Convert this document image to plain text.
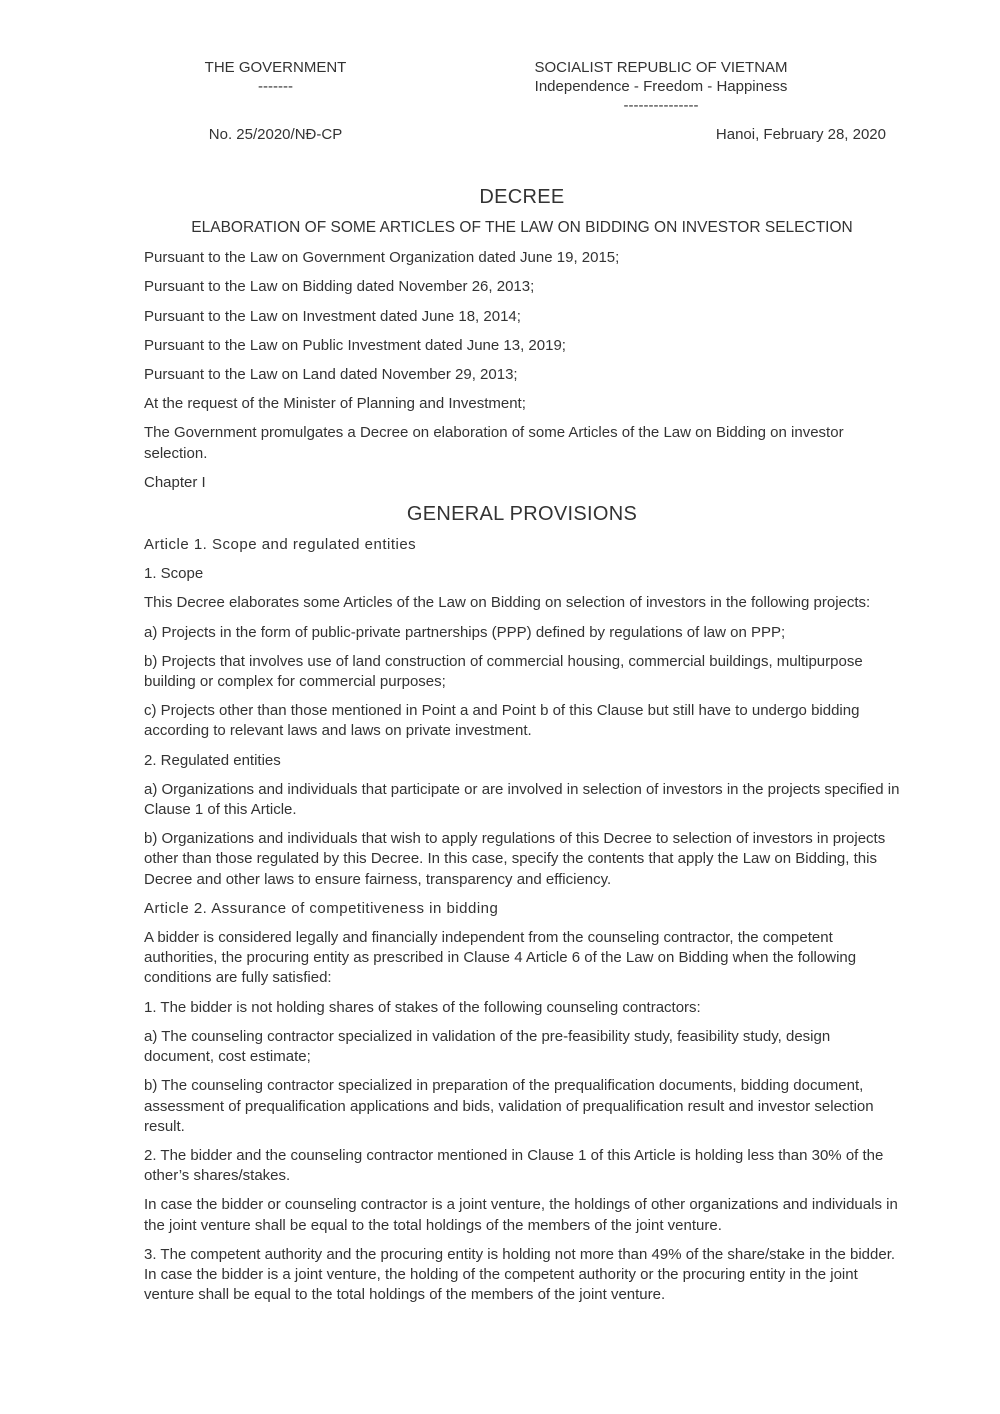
THE GOVERNMENT
-------
SOCIALIST REPUBLIC OF VIETNAM
Independence - Freedom - Happiness
---------------
No. 25/2020/NĐ-CP	Hanoi, February 28, 2020
DECREE
ELABORATION OF SOME ARTICLES OF THE LAW ON BIDDING ON INVESTOR SELECTION

Pursuant to the Law on Government Organization dated June 19, 2015;

Pursuant to the Law on Bidding dated November 26, 2013;

Pursuant to the Law on Investment dated June 18, 2014;

Pursuant to the Law on Public Investment dated June 13, 2019;

Pursuant to the Law on Land dated November 29, 2013;

At the request of the Minister of Planning and Investment;

The Government promulgates a Decree on elaboration of some Articles of the Law on Bidding on investor selection.

Chapter I

GENERAL PROVISIONS
Article 1. Scope and regulated entities

1. Scope

This Decree elaborates some Articles of the Law on Bidding on selection of investors in the following projects:

a) Projects in the form of public-private partnerships (PPP) defined by regulations of law on PPP;

b) Projects that involves use of land construction of commercial housing, commercial buildings, multipurpose building or complex for commercial purposes;

c) Projects other than those mentioned in Point a and Point b of this Clause but still have to undergo bidding according to relevant laws and laws on private investment.

2. Regulated entities

a) Organizations and individuals that participate or are involved in selection of investors in the projects specified in Clause 1 of this Article.

b) Organizations and individuals that wish to apply regulations of this Decree to selection of investors in projects other than those regulated by this Decree. In this case, specify the contents that apply the Law on Bidding, this Decree and other laws to ensure fairness, transparency and efficiency.

Article 2. Assurance of competitiveness in bidding

A bidder is considered legally and financially independent from the counseling contractor, the competent authorities, the procuring entity as prescribed in Clause 4 Article 6 of the Law on Bidding when the following conditions are fully satisfied:

1. The bidder is not holding shares of stakes of the following counseling contractors:

a) The counseling contractor specialized in validation of the pre-feasibility study, feasibility study, design document, cost estimate;

b) The counseling contractor specialized in preparation of the prequalification documents, bidding document, assessment of prequalification applications and bids, validation of prequalification result and investor selection result.

2. The bidder and the counseling contractor mentioned in Clause 1 of this Article is holding less than 30% of the other’s shares/stakes.

In case the bidder or counseling contractor is a joint venture, the holdings of other organizations and individuals in the joint venture shall be equal to the total holdings of the members of the joint venture.

3. The competent authority and the procuring entity is holding not more than 49% of the share/stake in the bidder. In case the bidder is a joint venture, the holding of the competent authority or the procuring entity in the joint venture shall be equal to the total holdings of the members of the joint venture.
